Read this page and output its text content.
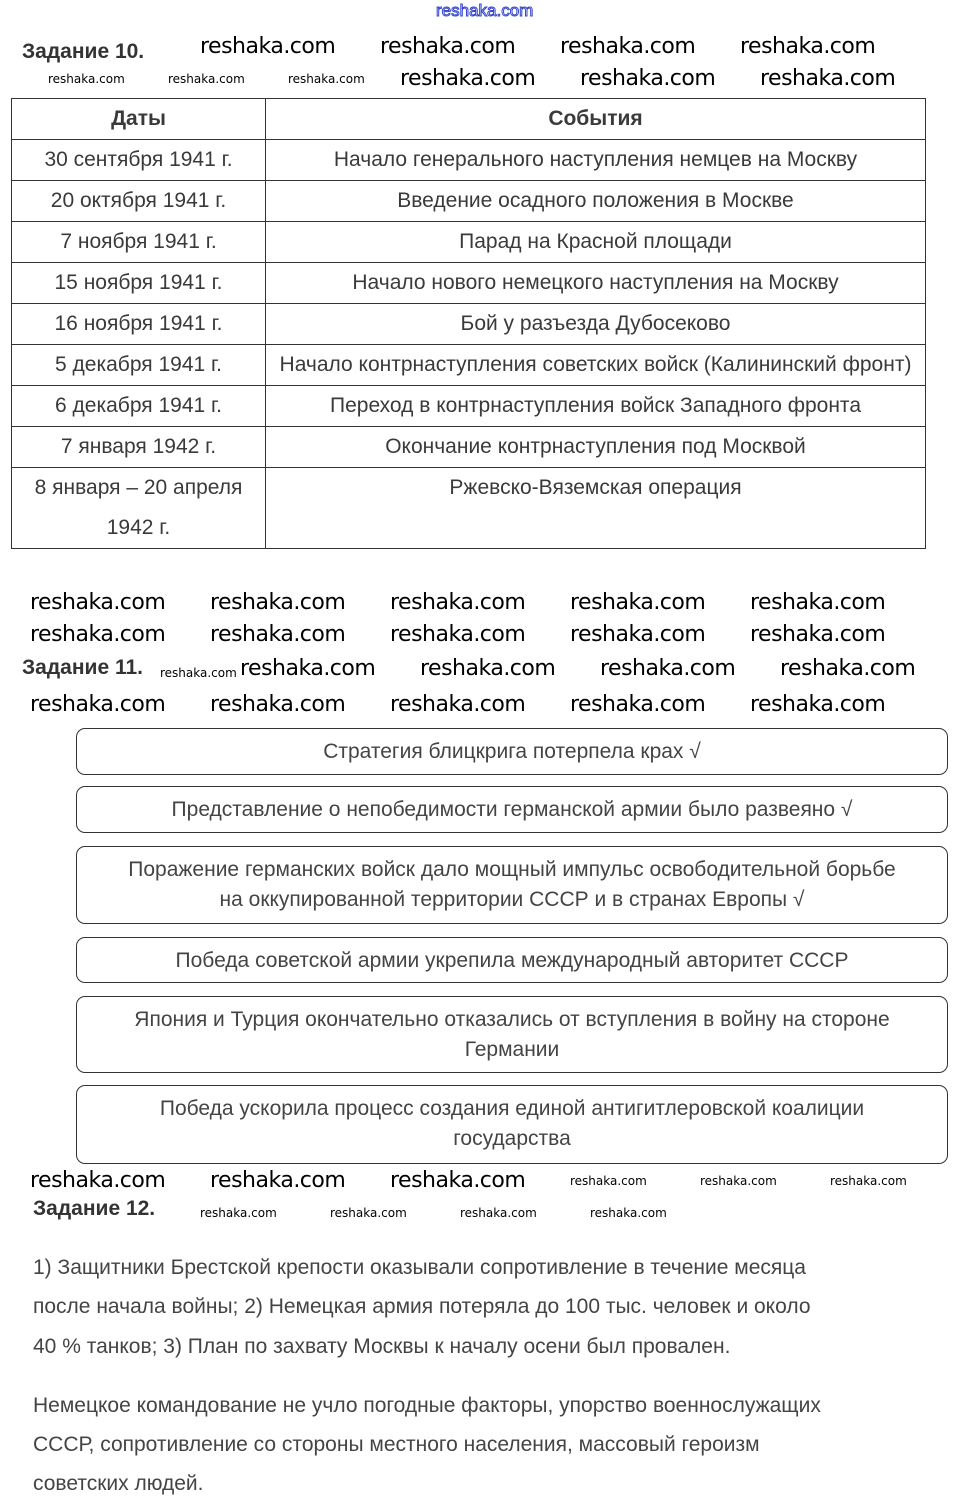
reshaka.com
Задание 10.
Даты	События
30 сентября 1941 г.	Начало генерального наступления немцев на Москву
20 октября 1941 г.	Введение осадного положения в Москве
7 ноября 1941 г.	Парад на Красной площади
15 ноября 1941 г.	Начало нового немецкого наступления на Москву
16 ноября 1941 г.	Бой у разъезда Дубосеково
5 декабря 1941 г.	Начало контрнаступления советских войск (Калининский фронт)
6 декабря 1941 г.	Переход в контрнаступления войск Западного фронта
7 января 1942 г.	Окончание контрнаступления под Москвой
8 января – 20 апреля 1942 г.	Ржевско-Вяземская операция
Задание 11.
Стратегия блицкрига потерпела крах √
Представление о непобедимости германской армии было развеяно √
Поражение германских войск дало мощный импульс освободительной борьбе на оккупированной территории СССР и в странах Европы √
Победа советской армии укрепила международный авторитет СССР
Япония и Турция окончательно отказались от вступления в войну на стороне Германии
Победа ускорила процесс создания единой антигитлеровской коалиции государства
Задание 12.
1) Защитники Брестской крепости оказывали сопротивление в течение месяца
после начала войны; 2) Немецкая армия потеряла до 100 тыс. человек и около
40 % танков; 3) План по захвату Москвы к началу осени был провален.
Немецкое командование не учло погодные факторы, упорство военнослужащих
СССР, сопротивление со стороны местного населения, массовый героизм
советских людей.
reshaka.com reshaka.com reshaka.com reshaka.com
reshaka.com reshaka.com reshaka.com
reshaka.com reshaka.com reshaka.com reshaka.com reshaka.com
reshaka.com reshaka.com reshaka.com reshaka.com reshaka.com
reshaka.com reshaka.com reshaka.com reshaka.com
reshaka.com reshaka.com reshaka.com reshaka.com reshaka.com
reshaka.com reshaka.com reshaka.com
reshaka.com	reshaka.com	reshaka.com
reshaka.com
reshaka.com	reshaka.com	reshaka.com
reshaka.com	reshaka.com	reshaka.com	reshaka.com
